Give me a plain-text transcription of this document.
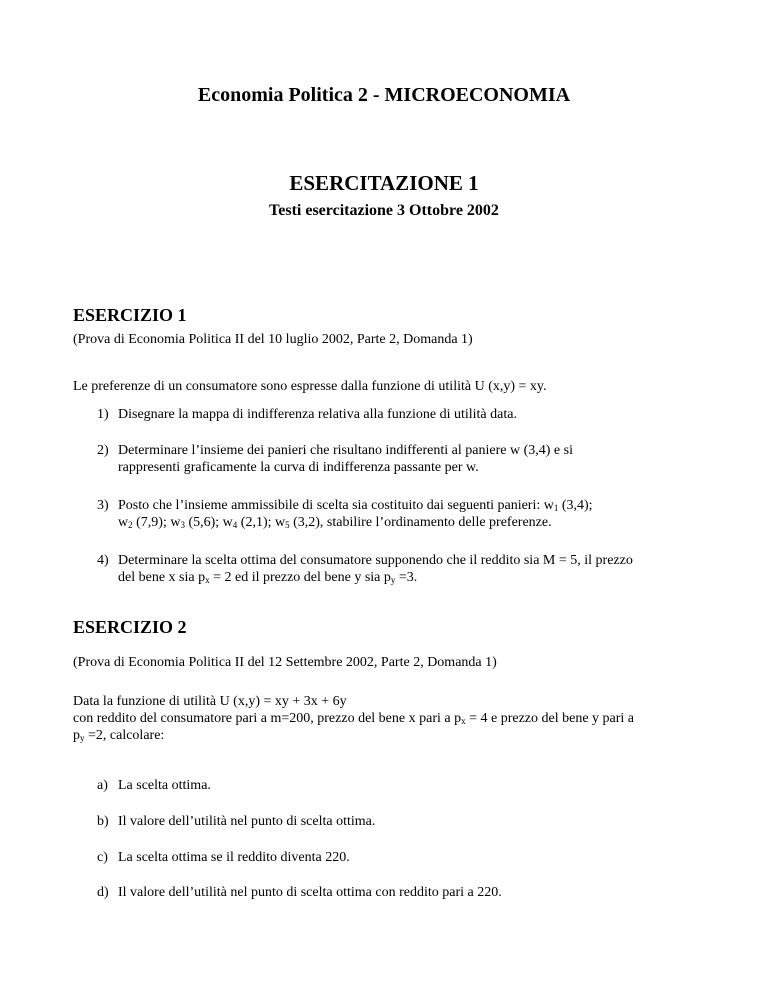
Economia Politica 2 - MICROECONOMIA
ESERCITAZIONE 1
Testi esercitazione 3 Ottobre 2002
ESERCIZIO 1
(Prova di Economia Politica II del 10 luglio 2002, Parte 2, Domanda 1)
Le preferenze di un consumatore sono espresse dalla funzione di utilità U (x,y) = xy.
1) Disegnare la mappa di indifferenza relativa alla funzione di utilità data.
2) Determinare l’insieme dei panieri che risultano indifferenti al paniere w (3,4) e si
rappresenti graficamente la curva di indifferenza passante per w.
3) Posto che l’insieme ammissibile di scelta sia costituito dai seguenti panieri: $w_1$ (3,4);
$w_2$ (7,9); $w_3$ (5,6); $w_4$ (2,1); $w_5$ (3,2), stabilire l’ordinamento delle preferenze.
4) Determinare la scelta ottima del consumatore supponendo che il reddito sia M = 5, il prezzo
del bene x sia $p_x = 2$ ed il prezzo del bene y sia $p_y =3$.
ESERCIZIO 2
(Prova di Economia Politica II del 12 Settembre 2002, Parte 2, Domanda 1)
Data la funzione di utilità U (x,y) = xy + 3x + 6y
con reddito del consumatore pari a m=200, prezzo del bene x pari a $p_x = 4$ e prezzo del bene y pari a
$p_y =2$, calcolare:
a) La scelta ottima.
b) Il valore dell’utilità nel punto di scelta ottima.
c) La scelta ottima se il reddito diventa 220.
d) Il valore dell’utilità nel punto di scelta ottima con reddito pari a 220.
